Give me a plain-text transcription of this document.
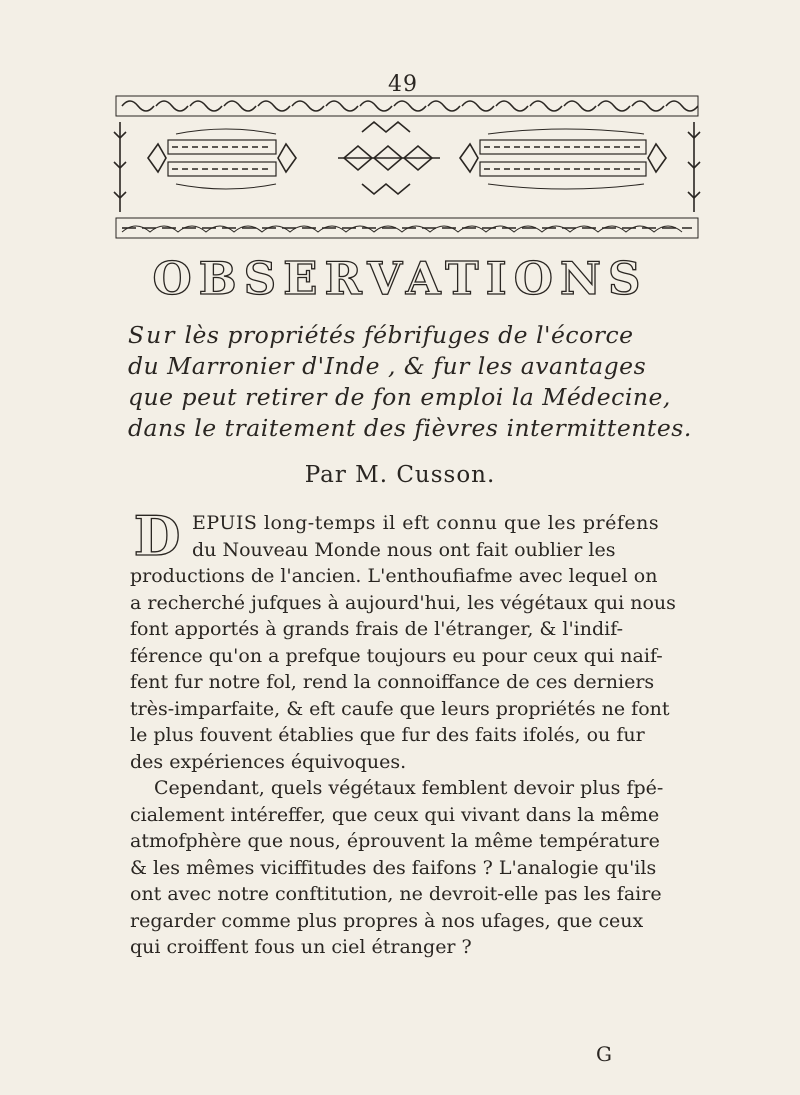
49
OBSERVATIONS
Sur lès propriétés fébrifuges de l'écorce
du Marronier d'Inde , & fur les avantages
que peut retirer de fon emploi la Médecine,
dans le traitement des fièvres intermittentes.
Par M. Cusson.
D EPUIS long-temps il eft connu que les préfens
du Nouveau Monde nous ont fait oublier les
productions de l'ancien. L'enthoufiafme avec lequel on
a recherché jufques à aujourd'hui, les végétaux qui nous
font apportés à grands frais de l'étranger, & l'indif-
férence qu'on a prefque toujours eu pour ceux qui naif-
fent fur notre fol, rend la connoiffance de ces derniers
très-imparfaite, & eft caufe que leurs propriétés ne font
le plus fouvent établies que fur des faits ifolés, ou fur
des expériences équivoques.
Cependant, quels végétaux femblent devoir plus fpé-
cialement intéreffer, que ceux qui vivant dans la même
atmofphère que nous, éprouvent la même température
& les mêmes viciffitudes des faifons ? L'analogie qu'ils
ont avec notre conftitution, ne devroit-elle pas les faire
regarder comme plus propres à nos ufages, que ceux
qui croiffent fous un ciel étranger ?
G
